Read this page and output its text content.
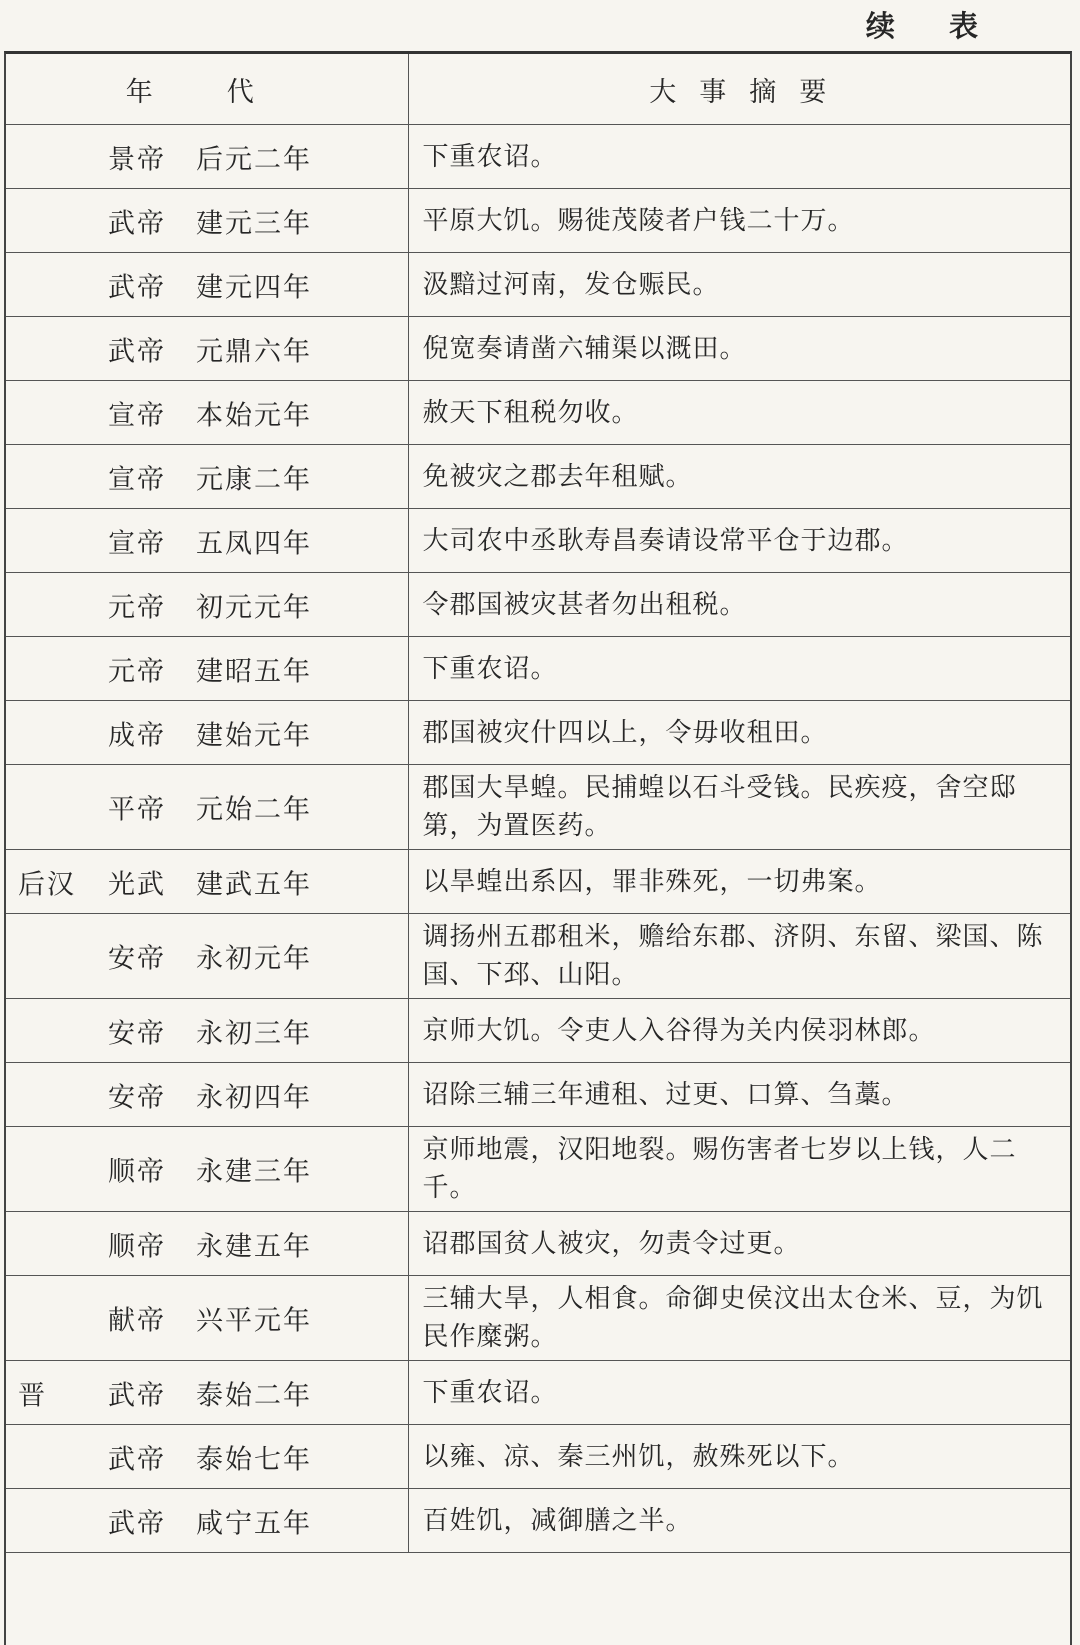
续 表
年代	大事摘要

景帝 后元二年	下重农诏。

武帝 建元三年	平原大饥。赐徙茂陵者户钱二十万。

武帝 建元四年	汲黯过河南，发仓赈民。

武帝 元鼎六年	倪宽奏请凿六辅渠以溉田。

宣帝 本始元年	赦天下租税勿收。

宣帝 元康二年	免被灾之郡去年租赋。

宣帝 五凤四年	大司农中丞耿寿昌奏请设常平仓于边郡。

元帝 初元元年	令郡国被灾甚者勿出租税。

元帝 建昭五年	下重农诏。

成帝 建始元年	郡国被灾什四以上，令毋收租田。

平帝 元始二年	郡国大旱蝗。民捕蝗以石斗受钱。民疾疫，舍空邸第，为置医药。

后汉 光武 建武五年	以旱蝗出系囚，罪非殊死，一切弗案。

安帝 永初元年	调扬州五郡租米，赡给东郡、济阴、东留、梁国、陈国、下邳、山阳。

安帝 永初三年	京师大饥。令吏人入谷得为关内侯羽林郎。

安帝 永初四年	诏除三辅三年逋租、过更、口算、刍藁。

顺帝 永建三年	京师地震，汉阳地裂。赐伤害者七岁以上钱，人二千。

顺帝 永建五年	诏郡国贫人被灾，勿责令过更。

献帝 兴平元年	三辅大旱，人相食。命御史侯汶出太仓米、豆，为饥民作糜粥。

晋 武帝 泰始二年	下重农诏。

武帝 泰始七年	以雍、凉、秦三州饥，赦殊死以下。

武帝 咸宁五年	百姓饥，减御膳之半。
